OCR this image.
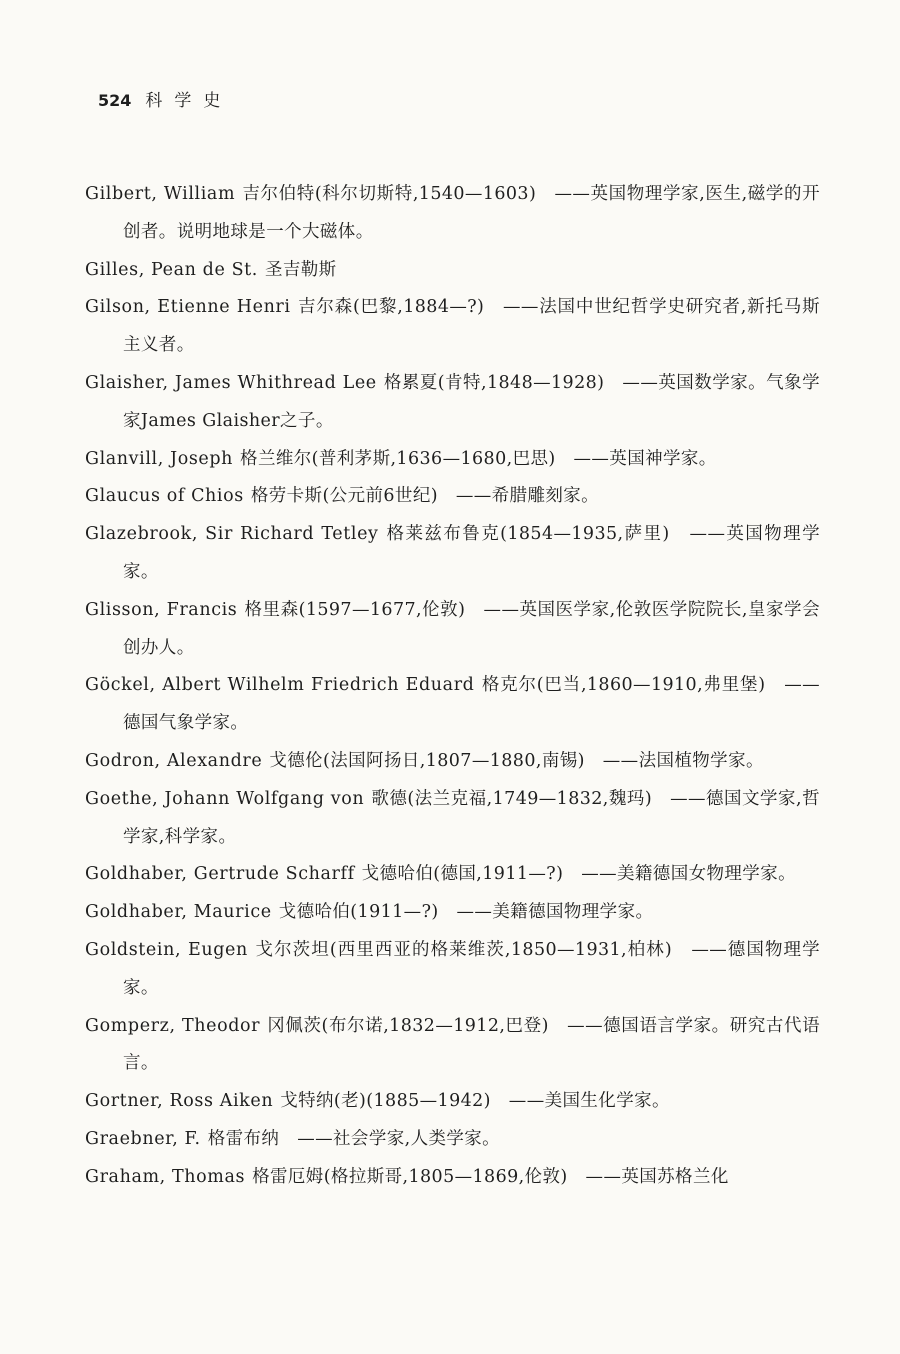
524 科学史
Gilbert, William 吉尔伯特(科尔切斯特,1540—1603)　——英国物理学家,医生,磁学的开创者。说明地球是一个大磁体。
Gilles, Pean de St. 圣吉勒斯
Gilson, Etienne Henri 吉尔森(巴黎,1884—?)　——法国中世纪哲学史研究者,新托马斯主义者。
Glaisher, James Whithread Lee 格累夏(肯特,1848—1928)　——英国数学家。气象学家James Glaisher之子。
Glanvill, Joseph 格兰维尔(普利茅斯,1636—1680,巴思)　——英国神学家。
Glaucus of Chios 格劳卡斯(公元前6世纪)　——希腊雕刻家。
Glazebrook, Sir Richard Tetley 格莱兹布鲁克(1854—1935,萨里)　——英国物理学家。
Glisson, Francis 格里森(1597—1677,伦敦)　——英国医学家,伦敦医学院院长,皇家学会创办人。
Göckel, Albert Wilhelm Friedrich Eduard 格克尔(巴当,1860—1910,弗里堡)　——德国气象学家。
Godron, Alexandre 戈德伦(法国阿扬日,1807—1880,南锡)　——法国植物学家。
Goethe, Johann Wolfgang von 歌德(法兰克福,1749—1832,魏玛)　——德国文学家,哲学家,科学家。
Goldhaber, Gertrude Scharff 戈德哈伯(德国,1911—?)　——美籍德国女物理学家。
Goldhaber, Maurice 戈德哈伯(1911—?)　——美籍德国物理学家。
Goldstein, Eugen 戈尔茨坦(西里西亚的格莱维茨,1850—1931,柏林)　——德国物理学家。
Gomperz, Theodor 冈佩茨(布尔诺,1832—1912,巴登)　——德国语言学家。研究古代语言。
Gortner, Ross Aiken 戈特纳(老)(1885—1942)　——美国生化学家。
Graebner, F. 格雷布纳　——社会学家,人类学家。
Graham, Thomas 格雷厄姆(格拉斯哥,1805—1869,伦敦)　——英国苏格兰化
